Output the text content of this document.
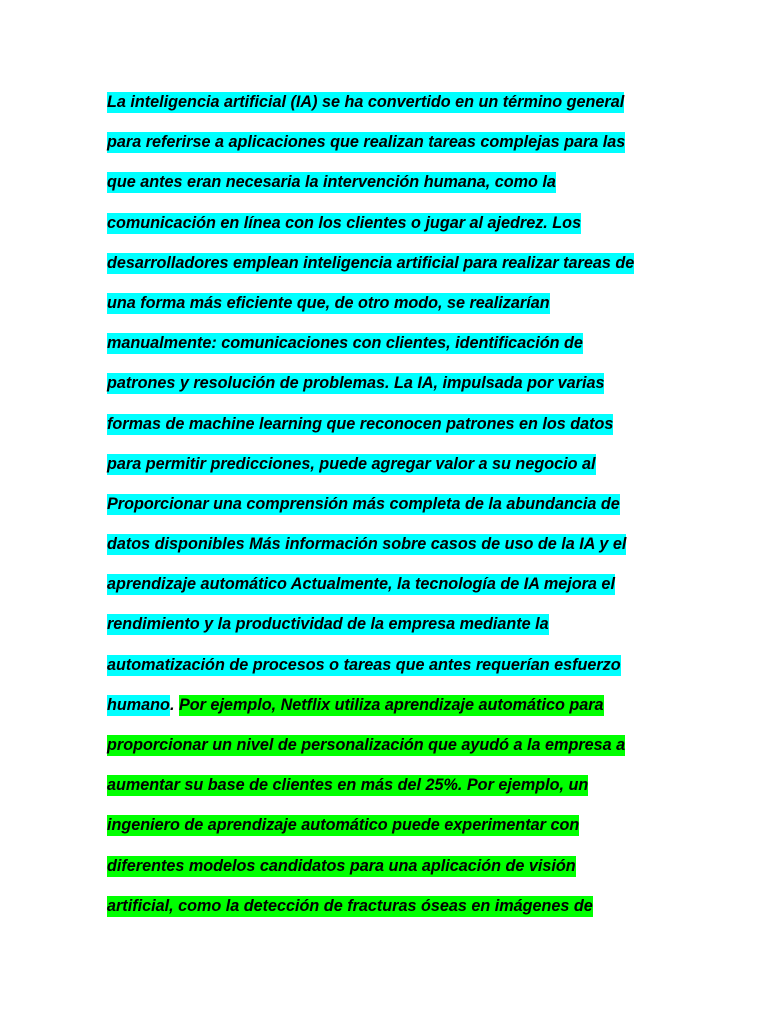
La inteligencia artificial (IA) se ha convertido en un término general
para referirse a aplicaciones que realizan tareas complejas para las
que antes eran necesaria la intervención humana, como la
comunicación en línea con los clientes o jugar al ajedrez. Los
desarrolladores emplean inteligencia artificial para realizar tareas de
una forma más eficiente que, de otro modo, se realizarían
manualmente: comunicaciones con clientes, identificación de
patrones y resolución de problemas. La IA, impulsada por varias
formas de machine learning que reconocen patrones en los datos
para permitir predicciones, puede agregar valor a su negocio al
Proporcionar una comprensión más completa de la abundancia de
datos disponibles Más información sobre casos de uso de la IA y el
aprendizaje automático Actualmente, la tecnología de IA mejora el
rendimiento y la productividad de la empresa mediante la
automatización de procesos o tareas que antes requerían esfuerzo
humano. Por ejemplo, Netflix utiliza aprendizaje automático para
proporcionar un nivel de personalización que ayudó a la empresa a
aumentar su base de clientes en más del 25%. Por ejemplo, un
ingeniero de aprendizaje automático puede experimentar con
diferentes modelos candidatos para una aplicación de visión
artificial, como la detección de fracturas óseas en imágenes de
